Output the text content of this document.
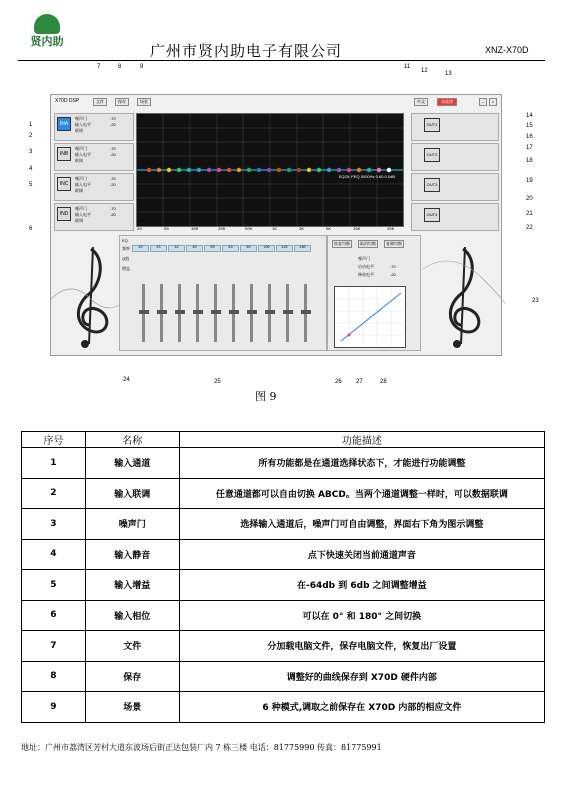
贤内助
广州市贤内助电子有限公司	XNZ-X70D
X70D DSP	文件	保存	场景	中文	未连接	–	×
INA
噪声门
输入电平
联调
-70
-20
INB
噪声门
输入电平
联调
-70
-20
INC
噪声门
输入电平
联调
-70
-20
IND
噪声门
输入电平
联调
-70
-20
EQ25: PEQ 5000Hz 0.60 0.0dB
+12
0
-12
20	50	100	200	500	1K	2K	5K	10K	20K
OUT1
OUT2
OUT3
OUT4
EQ
频率
Q值
增益
20	25	32	40	50	63	80	100	125	160
恢复均衡	取消均衡	复制均衡
噪声门
启动电平
释放电平
-70
-20
7	8	9	11
12	13
1
2
3
4
5
6
14
15
16
17
18
19
20
21
22
23
24	25	26 27	28
图 9
序号	名称	功能描述
1	输入通道	所有功能都是在通道选择状态下，才能进行功能调整
2	输入联调	任意通道都可以自由切换 ABCD。当两个通道调整一样时，可以数据联调
3	噪声门	选择输入通道后，噪声门可自由调整，界面右下角为图示调整
4	输入静音	点下快速关闭当前通道声音
5	输入增益	在-64db 到 6db 之间调整增益
6	输入相位	可以在 0° 和 180° 之间切换
7	文件	分加载电脑文件，保存电脑文件，恢复出厂设置
8	保存	调整好的曲线保存到 X70D 硬件内部
9	场景	6 种模式,调取之前保存在 X70D 内部的相应文件
地址：广州市荔湾区芳村大道东波场后街正达包装厂内 7 栋三楼 电话：81775990 传真：81775991
